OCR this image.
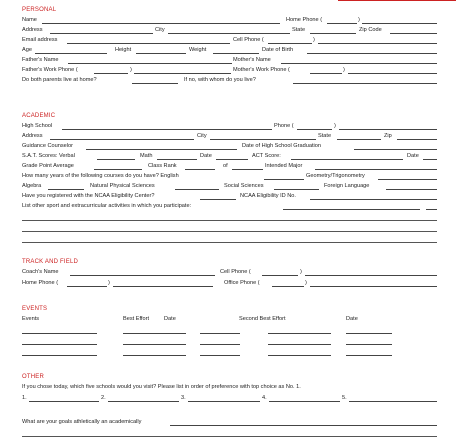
PERSONAL
Name	Home Phone (	)
Address	City	State	Zip Code
Email address	Cell Phone (	)
Age	Height	Weight	Date of Birth
Father's Name	Mother's Name
Father's Work Phone (	)	Mother's Work Phone (	)
Do both parents live at home?	If no, with whom do you live?
ACADEMIC
High School	Phone (	)
Address	City	State	Zip
Guidance Counselor	Date of High School Graduation
S.A.T. Scores: Verbal	Math	Date	ACT Score:	Date
Grade Point Average	Class Rank	of	Intended Major
How many years of the following courses do you have? English	Geometry/Trigonometry
Algebra	Natural Physical Sciences	Social Sciences	Foreign Language
Have you registered with the NCAA Eligibility Center?	NCAA Eligibility ID No.
List other sport and extracurricular activities in which you participate:
TRACK AND FIELD
Coach's Name	Cell Phone (	)
Home Phone (	)	Office Phone (	)
EVENTS
Events	Best Effort	Date	Second Best Effort	Date
OTHER
If you chose today, which five schools would you visit? Please list in order of preference with top choice as No. 1.
1.	2.	3.	4.	5.
What are your goals athletically an academically
